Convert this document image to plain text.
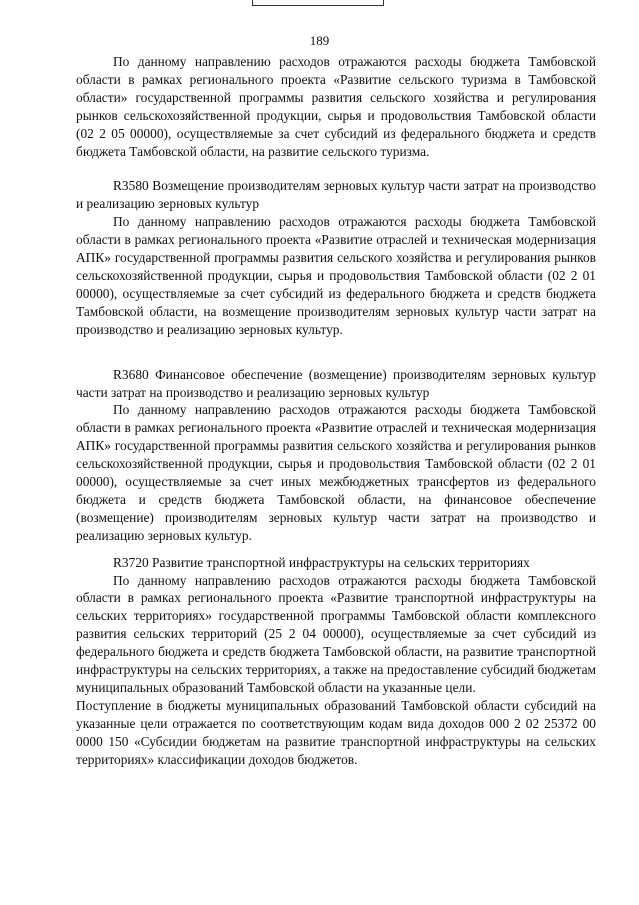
189

По данному направлению расходов отражаются расходы бюджета Тамбовской области в рамках регионального проекта «Развитие сельского туризма в Тамбовской области» государственной программы развития сельского хозяйства и регулирования рынков сельскохозяйственной продукции, сырья и продовольствия Тамбовской области (02 2 05 00000), осуществляемые за счет субсидий из федерального бюджета и средств бюджета Тамбовской области, на развитие сельского туризма.

R3580 Возмещение производителям зерновых культур части затрат на производство и реализацию зерновых культур

По данному направлению расходов отражаются расходы бюджета Тамбовской области в рамках регионального проекта «Развитие отраслей и техническая модернизация АПК» государственной программы развития сельского хозяйства и регулирования рынков сельскохозяйственной продукции, сырья и продовольствия Тамбовской области (02 2 01 00000), осуществляемые за счет субсидий из федерального бюджета и средств бюджета Тамбовской области, на возмещение производителям зерновых культур части затрат на производство и реализацию зерновых культур.

R3680 Финансовое обеспечение (возмещение) производителям зерновых культур части затрат на производство и реализацию зерновых культур

По данному направлению расходов отражаются расходы бюджета Тамбовской области в рамках регионального проекта «Развитие отраслей и техническая модернизация АПК» государственной программы развития сельского хозяйства и регулирования рынков сельскохозяйственной продукции, сырья и продовольствия Тамбовской области (02 2 01 00000), осуществляемые за счет иных межбюджетных трансфертов из федерального бюджета и средств бюджета Тамбовской области, на финансовое обеспечение (возмещение) производителям зерновых культур части затрат на производство и реализацию зерновых культур.

R3720 Развитие транспортной инфраструктуры на сельских территориях

По данному направлению расходов отражаются расходы бюджета Тамбовской области в рамках регионального проекта «Развитие транспортной инфраструктуры на сельских территориях» государственной программы Тамбовской области комплексного развития сельских территорий (25 2 04 00000), осуществляемые за счет субсидий из федерального бюджета и средств бюджета Тамбовской области, на развитие транспортной инфраструктуры на сельских территориях, а также на предоставление субсидий бюджетам муниципальных образований Тамбовской области на указанные цели.

Поступление в бюджеты муниципальных образований Тамбовской области субсидий на указанные цели отражается по соответствующим кодам вида доходов 000 2 02 25372 00 0000 150 «Субсидии бюджетам на развитие транспортной инфраструктуры на сельских территориях» классификации доходов бюджетов.
